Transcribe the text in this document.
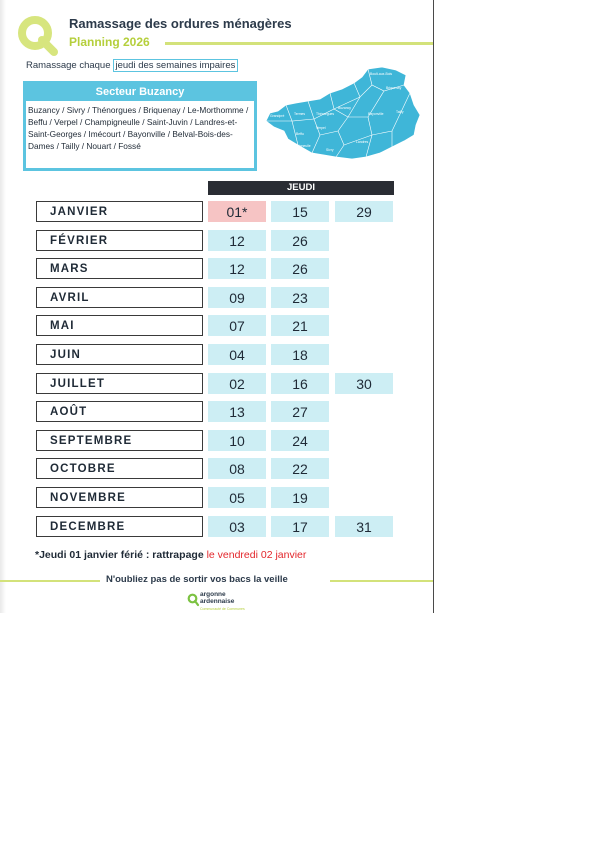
Ramassage des ordures ménagères
Planning 2026
Ramassage chaque jeudi des semaines impaires
Secteur Buzancy
Buzancy / Sivry / Thénorgues / Briquenay / Le-Morthomme / Beffu / Verpel / Champigneulle / Saint-Juvin / Landres-et-Saint-Georges / Imécourt / Bayonville / Belval-Bois-des-Dames / Tailly / Nouart / Fossé
Boult-aux-Bois
Briquenay
Grandpré	Termes	Thénorgues
Buzancy
Verpel
Bayonville	Tailly
Beffu
Champigneulle
Sivry
Landres
JEUDI
JANVIER	01*	15	29
FÉVRIER	12	26
MARS	12	26
AVRIL	09	23
MAI	07	21
JUIN	04	18
JUILLET	02	16	30
AOÛT	13	27
SEPTEMBRE	10	24
OCTOBRE	08	22
NOVEMBRE	05	19
DECEMBRE	03	17	31
*Jeudi 01 janvier férié : rattrapage le vendredi 02 janvier
N'oubliez pas de sortir vos bacs la veille
argonne
ardennaise
Communauté de Communes
